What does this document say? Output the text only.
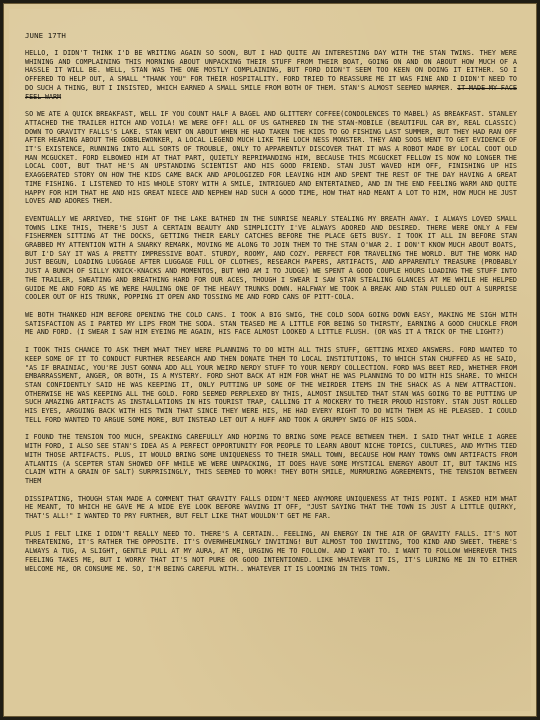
JUNE 17TH

HELLO, I DIDN'T THINK I'D BE WRITING AGAIN SO SOON, BUT I HAD QUITE AN INTERESTING DAY WITH THE STAN TWINS. THEY WERE WHINING AND COMPLAINING THIS MORNING ABOUT UNPACKING THEIR STUFF FROM THEIR BOAT, GOING ON AND ON ABOUT HOW MUCH OF A HASSLE IT WILL BE. WELL, STAN WAS THE ONE MOSTLY COMPLAINING, BUT FORD DIDN'T SEEM TOO KEEN ON DOING IT EITHER. SO I OFFERED TO HELP OUT, A SMALL "THANK YOU" FOR THEIR HOSPITALITY. FORD TRIED TO REASSURE ME IT WAS FINE AND I DIDN'T NEED TO DO SUCH A THING, BUT I INSISTED, WHICH EARNED A SMALL SMILE FROM BOTH OF THEM. STAN'S ALMOST SEEMED WARMER. IT MADE MY FACE FEEL WARM

SO WE ATE A QUICK BREAKFAST, WELL IF YOU COUNT HALF A BAGEL AND GLITTERY COFFEE(CONDOLENCES TO MABEL) AS BREAKFAST. STANLEY ATTACHED THE TRAILER HITCH AND VOILA! WE WERE OFF! ALL OF US GATHERED IN THE STAN-MOBILE (BEAUTIFUL CAR BY, REAL CLASSIC) DOWN TO GRAVITY FALLS'S LAKE. STAN WENT ON ABOUT WHEN HE HAD TAKEN THE KIDS TO GO FISHING LAST SUMMER, BUT THEY HAD RAN OFF AFTER HEARING ABOUT THE GOBBLEWONKER, A LOCAL LEGEND MUCH LIKE THE LOCH NESS MONSTER. THEY AND SOOS WENT TO GET EVIDENCE OF IT'S EXISTENCE, RUNNING INTO ALL SORTS OF TROUBLE, ONLY TO APPARENTLY DISCOVER THAT IT WAS A ROBOT MADE BY LOCAL COOT OLD MAN MCGUCKET. FORD ELBOWED HIM AT THAT PART, QUIETLY REPRIMANDING HIM, BECAUSE THIS MCGUCKET FELLOW IS NOW NO LONGER THE LOCAL COOT, BUT THAT HE'S AN UPSTANDING SCIENTIST AND HIS GOOD FRIEND. STAN JUST WAVED HIM OFF, FINISHING UP HIS EXAGGERATED STORY ON HOW THE KIDS CAME BACK AND APOLOGIZED FOR LEAVING HIM AND SPENT THE REST OF THE DAY HAVING A GREAT TIME FISHING. I LISTENED TO HIS WHOLE STORY WITH A SMILE, INTRIGUED AND ENTERTAINED, AND IN THE END FEELING WARM AND QUITE HAPPY FOR HIM THAT HE AND HIS GREAT NIECE AND NEPHEW HAD SUCH A GOOD TIME, HOW THAT HAD MEANT A LOT TO HIM, HOW MUCH HE JUST LOVES AND ADORES THEM.

EVENTUALLY WE ARRIVED, THE SIGHT OF THE LAKE BATHED IN THE SUNRISE NEARLY STEALING MY BREATH AWAY. I ALWAYS LOVED SMALL TOWNS LIKE THIS, THERE'S JUST A CERTAIN BEAUTY AND SIMPLICITY I'VE ALWAYS ADORED AND DESIRED. THERE WERE ONLY A FEW FISHERMEN SITTING AT THE DOCKS, GETTING THEIR EARLY CATCHES BEFORE THE PLACE GETS BUSY. I TOOK IT ALL IN BEFORE STAN GRABBED MY ATTENTION WITH A SNARKY REMARK, MOVING ME ALONG TO JOIN THEM TO THE STAN O'WAR 2. I DON'T KNOW MUCH ABOUT BOATS, BUT I'D SAY IT WAS A PRETTY IMPRESSIVE BOAT. STURDY, ROOMY, AND COZY. PERFECT FOR TRAVELING THE WORLD. BUT THE WORK HAD JUST BEGUN, LOADING LUGGAGE AFTER LUGGAGE FULL OF CLOTHES, RESEARCH PAPERS, ARTIFACTS, AND APPARENTLY TREASURE (PROBABLY JUST A BUNCH OF SILLY KNICK-KNACKS AND MOMENTOS, BUT WHO AM I TO JUDGE) WE SPENT A GOOD COUPLE HOURS LOADING THE STUFF INTO THE TRAILER, SWEATING AND BREATHING HARD FOR OUR ACES, THOUGH I SWEAR I SAW STAN STEALING GLANCES AT ME WHILE HE HELPED GUIDE ME AND FORD AS WE WERE HAULING ONE OF THE HEAVY TRUNKS DOWN. HALFWAY WE TOOK A BREAK AND STAN PULLED OUT A SURPRISE COOLER OUT OF HIS TRUNK, POPPING IT OPEN AND TOSSING ME AND FORD CANS OF PITT-COLA.

WE BOTH THANKED HIM BEFORE OPENING THE COLD CANS. I TOOK A BIG SWIG, THE COLD SODA GOING DOWN EASY, MAKING ME SIGH WITH SATISFACTION AS I PARTED MY LIPS FROM THE SODA. STAN TEASED ME A LITTLE FOR BEING SO THIRSTY, EARNING A GOOD CHUCKLE FROM ME AND FORD. (I SWEAR I SAW HIM EYEING ME AGAIN, HIS FACE ALMOST LOOKED A LITTLE FLUSH. (OR WAS IT A TRICK OF THE LIGHT?)

I TOOK THIS CHANCE TO ASK THEM WHAT THEY WERE PLANNING TO DO WITH ALL THIS STUFF, GETTING MIXED ANSWERS. FORD WANTED TO KEEP SOME OF IT TO CONDUCT FURTHER RESEARCH AND THEN DONATE THEM TO LOCAL INSTITUTIONS, TO WHICH STAN CHUFFED AS HE SAID, "AS IF BRAINIAC, YOU'RE JUST GONNA ADD ALL YOUR WEIRD NERDY STUFF TO YOUR NERDY COLLECTION. FORD WAS BEET RED, WHETHER FROM EMBARRASSMENT, ANGER, OR BOTH, IS A MYSTERY. FORD SHOT BACK AT HIM FOR WHAT HE WAS PLANNING TO DO WITH HIS SHARE. TO WHICH STAN CONFIDENTLY SAID HE WAS KEEPING IT, ONLY PUTTING UP SOME OF THE WEIRDER ITEMS IN THE SHACK AS A NEW ATTRACTION. OTHERWISE HE WAS KEEPING ALL THE GOLD. FORD SEEMED PERPLEXED BY THIS, ALMOST INSULTED THAT STAN WAS GOING TO BE PUTTING UP SUCH AMAZING ARTIFACTS AS INSTALLATIONS IN HIS TOURIST TRAP, CALLING IT A MOCKERY TO THEIR PROUD HISTORY. STAN JUST ROLLED HIS EYES, ARGUING BACK WITH HIS TWIN THAT SINCE THEY WERE HIS, HE HAD EVERY RIGHT TO DO WITH THEM AS HE PLEASED. I COULD TELL FORD WANTED TO ARGUE SOME MORE, BUT INSTEAD LET OUT A HUFF AND TOOK A GRUMPY SWIG OF HIS SODA.

I FOUND THE TENSION TOO MUCH, SPEAKING CAREFULLY AND HOPING TO BRING SOME PEACE BETWEEN THEM. I SAID THAT WHILE I AGREE WITH FORD, I ALSO SEE STAN'S IDEA AS A PERFECT OPPORTUNITY FOR PEOPLE TO LEARN ABOUT NICHE TOPICS, CULTURES, AND MYTHS TIED WITH THOSE ARTIFACTS. PLUS, IT WOULD BRING SOME UNIQUENESS TO THEIR SMALL TOWN, BECAUSE HOW MANY TOWNS OWN ARTIFACTS FROM ATLANTIS (A SCEPTER STAN SHOWED OFF WHILE WE WERE UNPACKING, IT DOES HAVE SOME MYSTICAL ENERGY ABOUT IT, BUT TAKING HIS CLAIM WITH A GRAIN OF SALT) SURPRISINGLY, THIS SEEMED TO WORK! THEY BOTH SMILE, MURMURING AGREEMENTS, THE TENSION BETWEEN THEM

DISSIPATING, THOUGH STAN MADE A COMMENT THAT GRAVITY FALLS DIDN'T NEED ANYMORE UNIQUENESS AT THIS POINT. I ASKED HIM WHAT HE MEANT, TO WHICH HE GAVE ME A WIDE EYE LOOK BEFORE WAVING IT OFF, "JUST SAYING THAT THE TOWN IS JUST A LITTLE QUIRKY, THAT'S ALL!" I WANTED TO PRY FURTHER, BUT FELT LIKE THAT WOULDN'T GET ME FAR.

PLUS I FELT LIKE I DIDN'T REALLY NEED TO. THERE'S A CERTAIN.. FEELING, AN ENERGY IN THE AIR OF GRAVITY FALLS. IT'S NOT THREATENING, IT'S RATHER THE OPPOSITE. IT'S OVERWHELMINGLY INVITING! BUT ALMOST TOO INVITING, TOO KIND AND SWEET. THERE'S ALWAYS A TUG, A SLIGHT, GENTLE PULL AT MY AURA, AT ME, URGING ME TO FOLLOW. AND I WANT TO. I WANT TO FOLLOW WHEREVER THIS FEELING TAKES ME, BUT I WORRY THAT IT'S NOT PURE OR GOOD INTENTIONED. LIKE WHATEVER IT IS, IT'S LURING ME IN TO EITHER WELCOME ME, OR CONSUME ME. SO, I'M BEING CAREFUL WITH.. WHATEVER IT IS LOOMING IN THIS TOWN.
